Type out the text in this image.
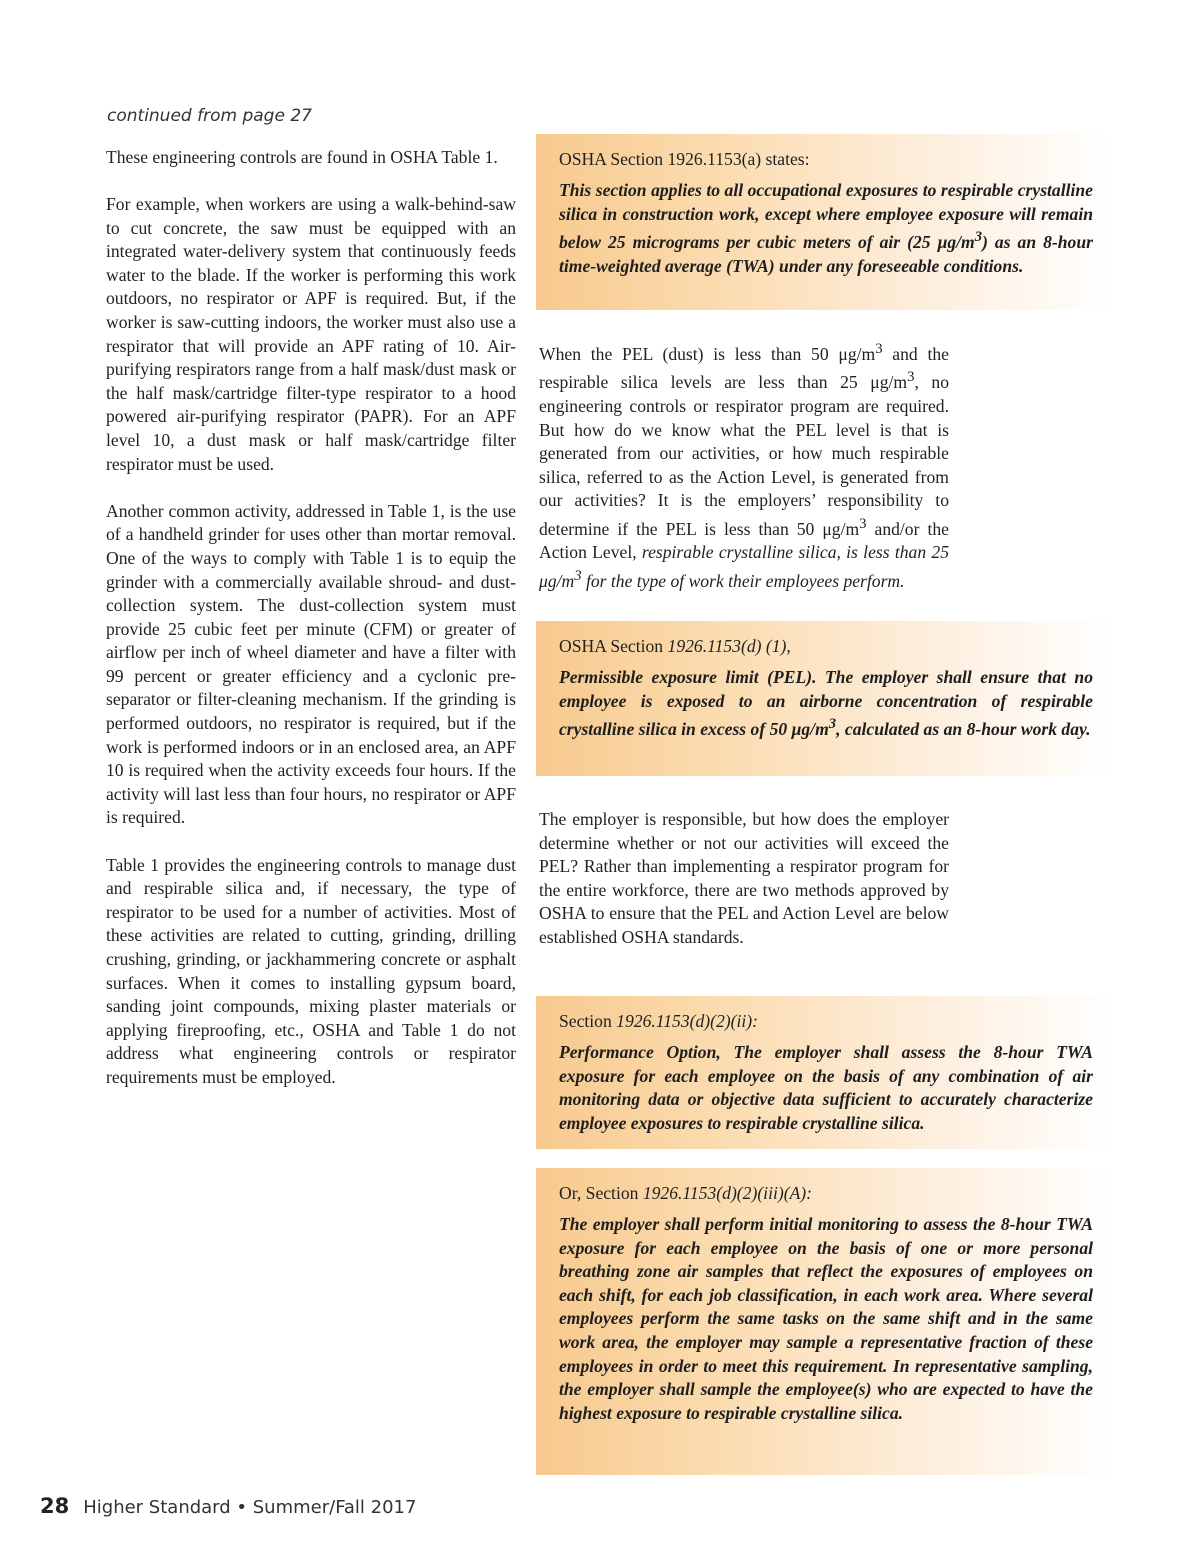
continued from page 27

These engineering controls are found in OSHA Table 1.

For example, when workers are using a walk-behind-saw to cut concrete, the saw must be equipped with an integrated water-delivery system that continuously feeds water to the blade. If the worker is performing this work outdoors, no respirator or APF is required. But, if the worker is saw-cutting indoors, the worker must also use a respirator that will provide an APF rating of 10. Air-purifying respirators range from a half mask/dust mask or the half mask/cartridge filter-type respirator to a hood powered air-purifying respirator (PAPR). For an APF level 10, a dust mask or half mask/cartridge filter respirator must be used.

Another common activity, addressed in Table 1, is the use of a handheld grinder for uses other than mortar removal. One of the ways to comply with Table 1 is to equip the grinder with a commercially available shroud- and dust-collection system. The dust-collection system must provide 25 cubic feet per minute (CFM) or greater of airflow per inch of wheel diameter and have a filter with 99 percent or greater efficiency and a cyclonic pre-separator or filter-cleaning mechanism. If the grinding is performed outdoors, no respirator is required, but if the work is performed indoors or in an enclosed area, an APF 10 is required when the activity exceeds four hours. If the activity will last less than four hours, no respirator or APF is required.

Table 1 provides the engineering controls to manage dust and respirable silica and, if necessary, the type of respirator to be used for a number of activities. Most of these activities are related to cutting, grinding, drilling crushing, grinding, or jackhammering concrete or asphalt surfaces. When it comes to installing gypsum board, sanding joint compounds, mixing plaster materials or applying fireproofing, etc., OSHA and Table 1 do not address what engineering controls or respirator requirements must be employed.

OSHA Section 1926.1153(a) states:

This section applies to all occupational exposures to respirable crystalline silica in construction work, except where employee exposure will remain below 25 micrograms per cubic meters of air (25 $\mu g/m^3$) as an 8-hour time-weighted average (TWA) under any foreseeable conditions.

When the PEL (dust) is less than 50 $\mu g/m^3$ and the respirable silica levels are less than 25 $\mu g/m^3$, no engineering controls or respirator program are required. But how do we know what the PEL level is that is generated from our activities, or how much respirable silica, referred to as the Action Level, is generated from our activities? It is the employers’ responsibility to determine if the PEL is less than 50 $\mu g/m^3$ and/or the Action Level, respirable crystalline silica, is less than 25 $\mu g/m^3$ for the type of work their employees perform.

OSHA Section 1926.1153(d) (1),

Permissible exposure limit (PEL). The employer shall ensure that no employee is exposed to an airborne concentration of respirable crystalline silica in excess of 50 $\mu g/m^3$, calculated as an 8-hour work day.

The employer is responsible, but how does the employer determine whether or not our activities will exceed the PEL? Rather than implementing a respirator program for the entire workforce, there are two methods approved by OSHA to ensure that the PEL and Action Level are below established OSHA standards.

Section 1926.1153(d)(2)(ii):

Performance Option, The employer shall assess the 8-hour TWA exposure for each employee on the basis of any combination of air monitoring data or objective data sufficient to accurately characterize employee exposures to respirable crystalline silica.

Or, Section 1926.1153(d)(2)(iii)(A):

The employer shall perform initial monitoring to assess the 8-hour TWA exposure for each employee on the basis of one or more personal breathing zone air samples that reflect the exposures of employees on each shift, for each job classification, in each work area. Where several employees perform the same tasks on the same shift and in the same work area, the employer may sample a representative fraction of these employees in order to meet this requirement. In representative sampling, the employer shall sample the employee(s) who are expected to have the highest exposure to respirable crystalline silica.

28 Higher Standard • Summer/Fall 2017
